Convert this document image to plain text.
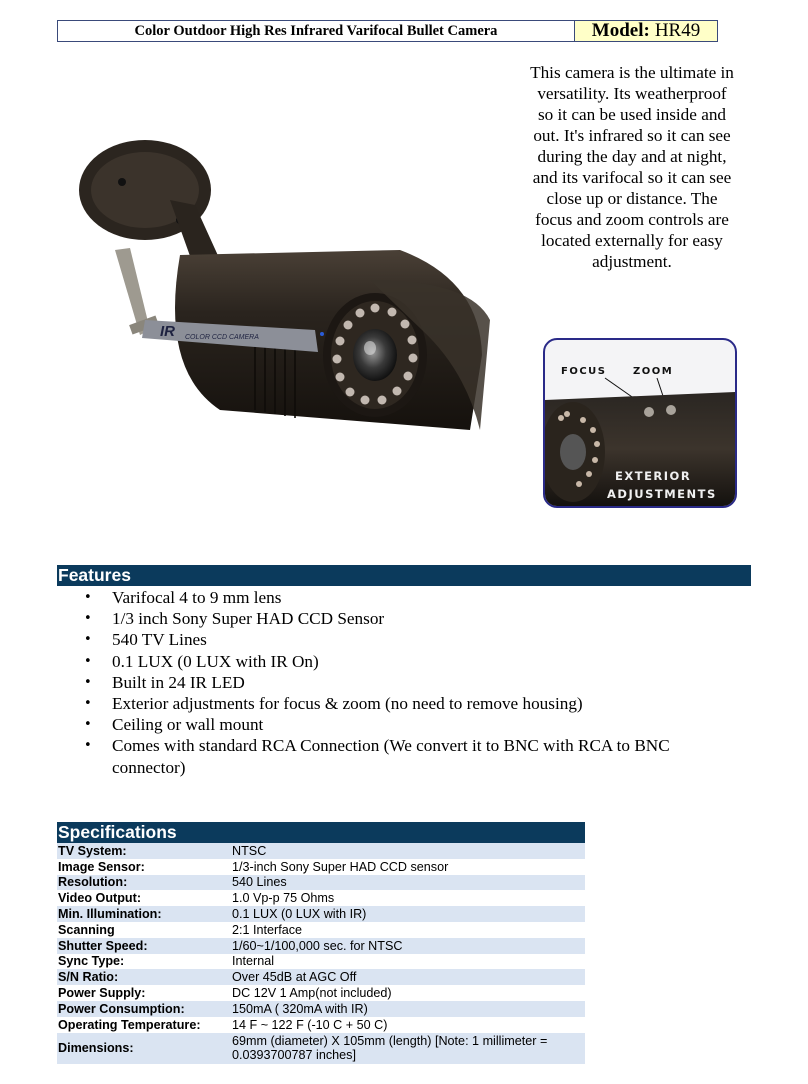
Color Outdoor High Res Infrared Varifocal Bullet Camera	Model: HR49
IR COLOR CCD CAMERA
This camera is the ultimate in versatility. Its weatherproof so it can be used inside and out. It's infrared so it can see during the day and at night, and its varifocal so it can see close up or distance. The focus and zoom controls are located externally for easy adjustment.
FOCUS	ZOOM
EXTERIOR
ADJUSTMENTS
Features
• Varifocal 4 to 9 mm lens
• 1/3 inch Sony Super HAD CCD Sensor
• 540 TV Lines
• 0.1 LUX (0 LUX with IR On)
• Built in 24 IR LED
• Exterior adjustments for focus & zoom (no need to remove housing)
• Ceiling or wall mount
• Comes with standard RCA Connection (We convert it to BNC with RCA to BNC connector)
Specifications
TV System:	NTSC
Image Sensor:	1/3-inch Sony Super HAD CCD sensor
Resolution:	540 Lines
Video Output:	1.0 Vp-p 75 Ohms
Min. Illumination:	0.1 LUX (0 LUX with IR)
Scanning	2:1 Interface
Shutter Speed:	1/60~1/100,000 sec. for NTSC
Sync Type:	Internal
S/N Ratio:	Over 45dB at AGC Off
Power Supply:	DC 12V 1 Amp(not included)
Power Consumption:	150mA ( 320mA with IR)
Operating Temperature:	14 F ~ 122 F (-10 C + 50 C)
Dimensions:	69mm (diameter) X 105mm (length) [Note: 1 millimeter = 0.0393700787 inches]
